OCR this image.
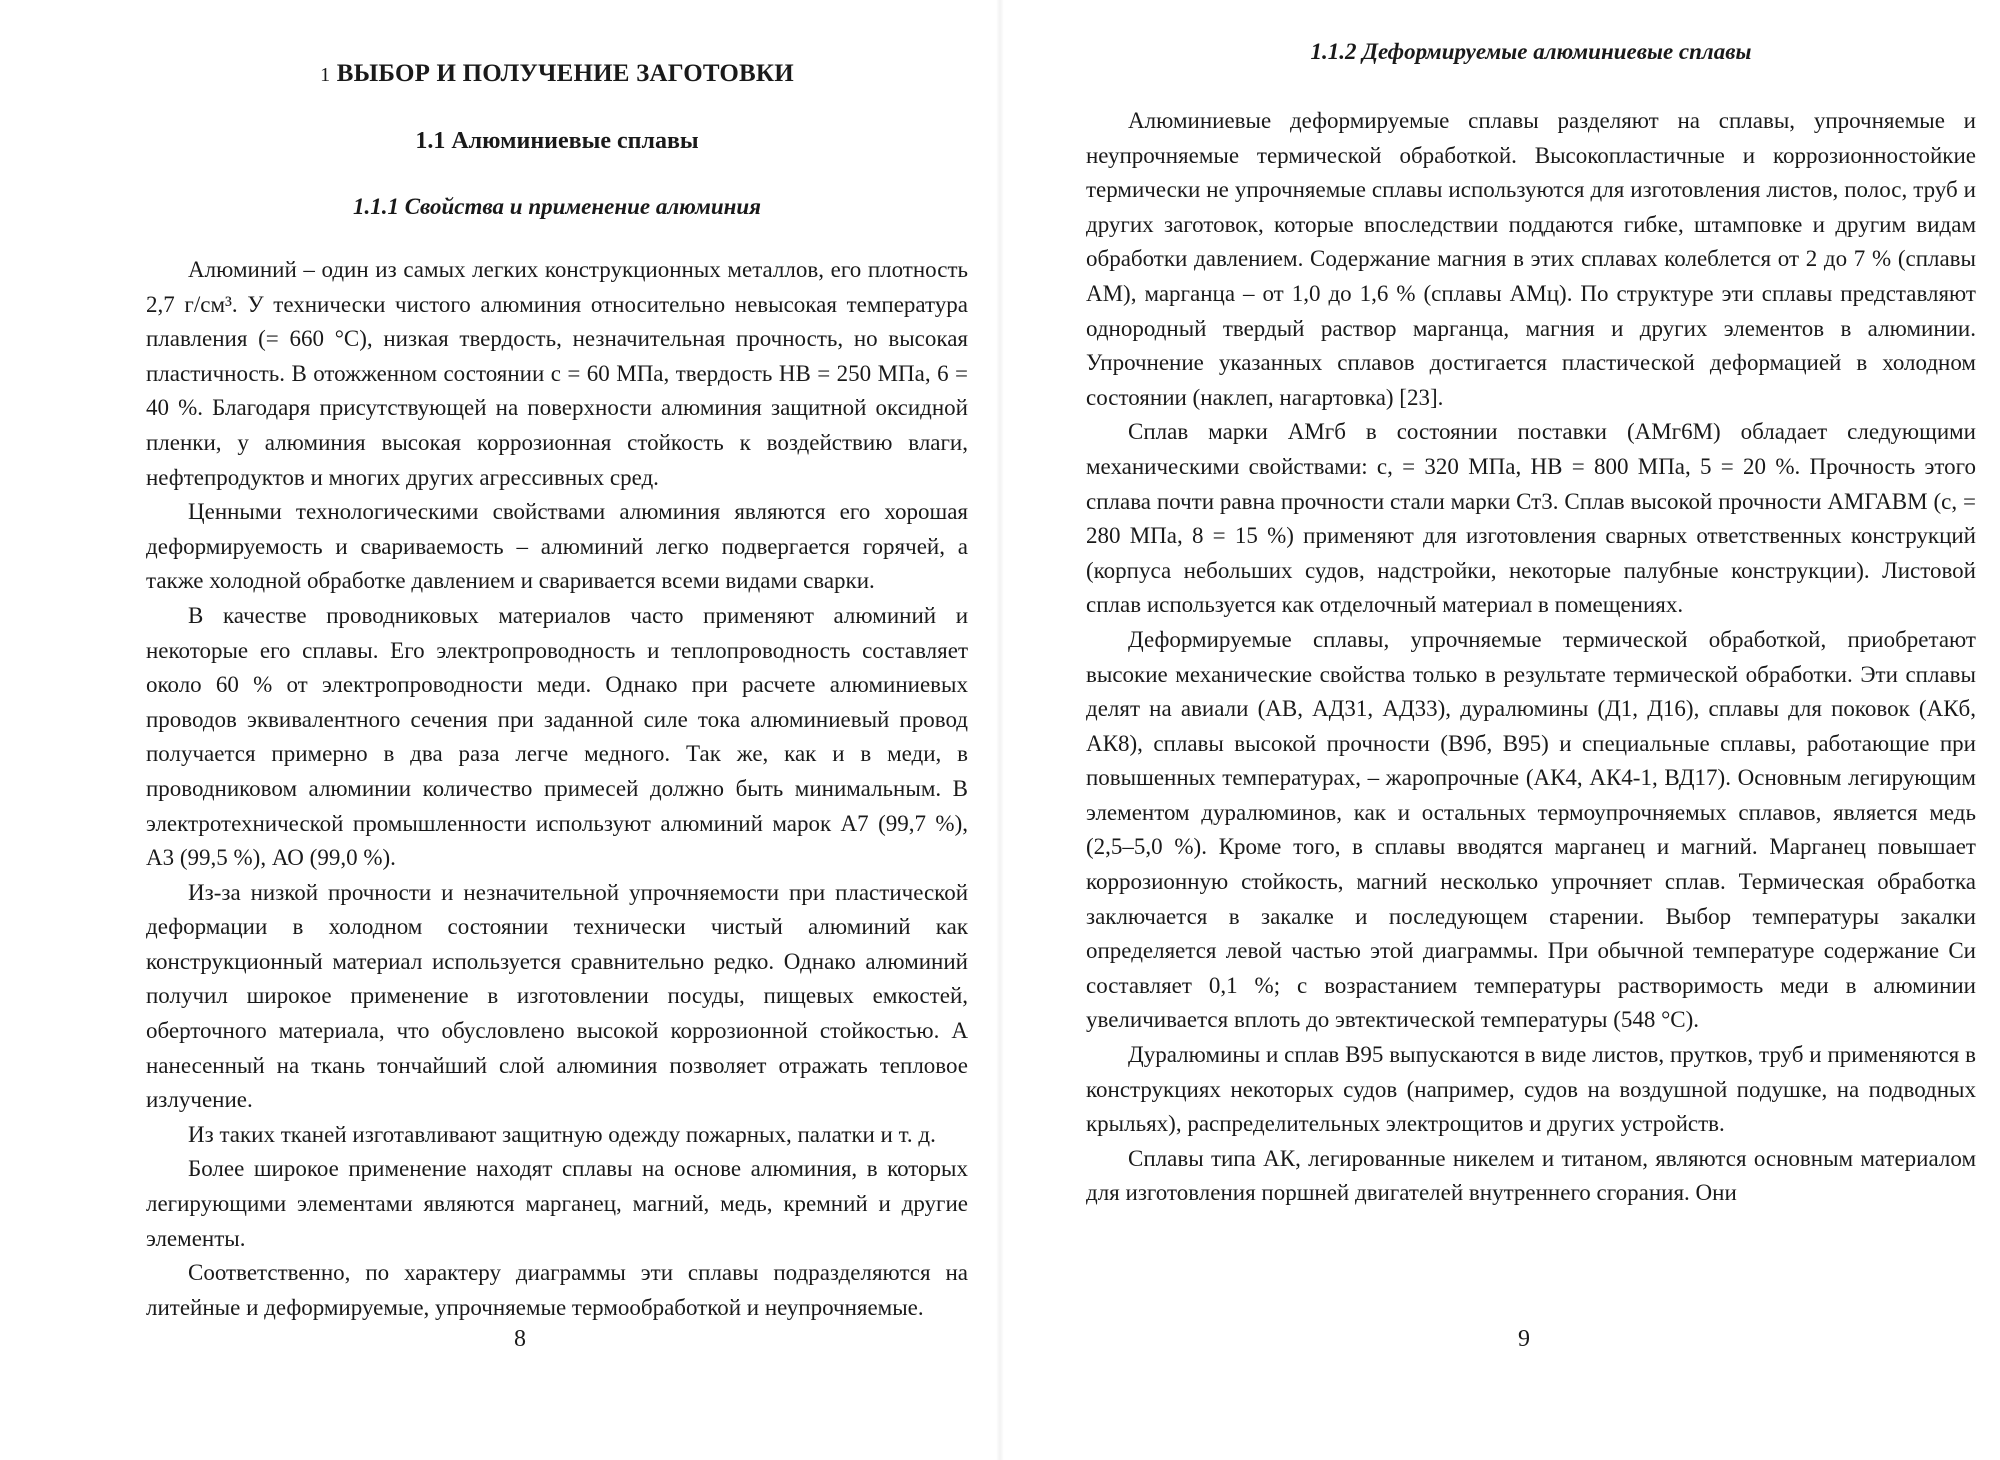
1 ВЫБОР И ПОЛУЧЕНИЕ ЗАГОТОВКИ
1.1 Алюминиевые сплавы
1.1.1 Свойства и применение алюминия

Алюминий – один из самых легких конструкционных металлов, его плотность 2,7 г/см³. У технически чистого алюминия относительно невысокая температура плавления (= 660 °С), низкая твердость, незначительная прочность, но высокая пластичность. В отожженном состоянии с = 60 МПа, твердость НВ = 250 МПа, 6 = 40 %. Благодаря присутствующей на поверхности алюминия защитной оксидной пленки, у алюминия высокая коррозионная стойкость к воздействию влаги, нефтепродуктов и многих других агрессивных сред.

Ценными технологическими свойствами алюминия являются его хорошая деформируемость и свариваемость – алюминий легко подвергается горячей, а также холодной обработке давлением и сваривается всеми видами сварки.

В качестве проводниковых материалов часто применяют алюминий и некоторые его сплавы. Его электропроводность и теплопроводность составляет около 60 % от электропроводности меди. Однако при расчете алюминиевых проводов эквивалентного сечения при заданной силе тока алюминиевый провод получается примерно в два раза легче медного. Так же, как и в меди, в проводниковом алюминии количество примесей должно быть минимальным. В электротехнической промышленности используют алюминий марок А7 (99,7 %), А3 (99,5 %), АО (99,0 %).

Из-за низкой прочности и незначительной упрочняемости при пластической деформации в холодном состоянии технически чистый алюминий как конструкционный материал используется сравнительно редко. Однако алюминий получил широкое применение в изготовлении посуды, пищевых емкостей, оберточного материала, что обусловлено высокой коррозионной стойкостью. А нанесенный на ткань тончайший слой алюминия позволяет отражать тепловое излучение.

Из таких тканей изготавливают защитную одежду пожарных, палатки и т. д.

Более широкое применение находят сплавы на основе алюминия, в которых легирующими элементами являются марганец, магний, медь, кремний и другие элементы.

Соответственно, по характеру диаграммы эти сплавы подразделяются на литейные и деформируемые, упрочняемые термообработкой и неупрочняемые.

8
1.1.2 Деформируемые алюминиевые сплавы

Алюминиевые деформируемые сплавы разделяют на сплавы, упрочняемые и неупрочняемые термической обработкой. Высокопластичные и коррозионностойкие термически не упрочняемые сплавы используются для изготовления листов, полос, труб и других заготовок, которые впоследствии поддаются гибке, штамповке и другим видам обработки давлением. Содержание магния в этих сплавах колеблется от 2 до 7 % (сплавы АМ), марганца – от 1,0 до 1,6 % (сплавы АМц). По структуре эти сплавы представляют однородный твердый раствор марганца, магния и других элементов в алюминии. Упрочнение указанных сплавов достигается пластической деформацией в холодном состоянии (наклеп, нагартовка) [23].

Сплав марки АМгб в состоянии поставки (АМг6М) обладает следующими механическими свойствами: с, = 320 МПа, НВ = 800 МПа, 5 = 20 %. Прочность этого сплава почти равна прочности стали марки Ст3. Сплав высокой прочности АМГАВМ (с, = 280 МПа, 8 = 15 %) применяют для изготовления сварных ответственных конструкций (корпуса небольших судов, надстройки, некоторые палубные конструкции). Листовой сплав используется как отделочный материал в помещениях.

Деформируемые сплавы, упрочняемые термической обработкой, приобретают высокие механические свойства только в результате термической обработки. Эти сплавы делят на авиали (АВ, АД31, АД33), дуралюмины (Д1, Д16), сплавы для поковок (АКб, АК8), сплавы высокой прочности (В9б, В95) и специальные сплавы, работающие при повышенных температурах, – жаропрочные (АК4, АК4-1, ВД17). Основным легирующим элементом дуралюминов, как и остальных термоупрочняемых сплавов, является медь (2,5–5,0 %). Кроме того, в сплавы вводятся марганец и магний. Марганец повышает коррозионную стойкость, магний несколько упрочняет сплав. Термическая обработка заключается в закалке и последующем старении. Выбор температуры закалки определяется левой частью этой диаграммы. При обычной температуре содержание Си составляет 0,1 %; с возрастанием температуры растворимость меди в алюминии увеличивается вплоть до эвтектической температуры (548 °С).

Дуралюмины и сплав В95 выпускаются в виде листов, прутков, труб и применяются в конструкциях некоторых судов (например, судов на воздушной подушке, на подводных крыльях), распределительных электрощитов и других устройств.

Сплавы типа АК, легированные никелем и титаном, являются основным материалом для изготовления поршней двигателей внутреннего сгорания. Они

9
